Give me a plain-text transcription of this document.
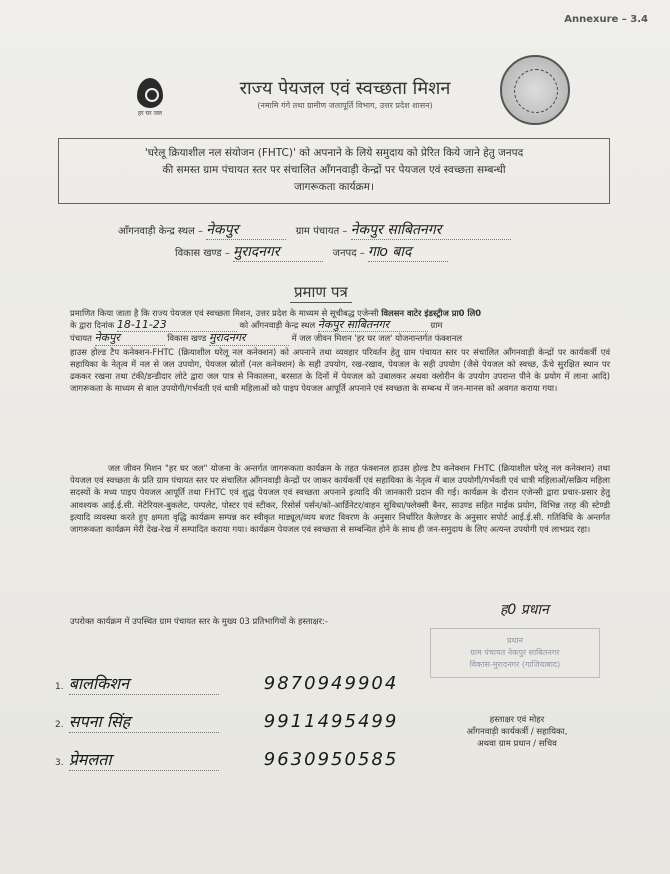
Annexure – 3.4
हर घर जल
राज्य पेयजल एवं स्वच्छता मिशन
(नमामि गंगे तथा ग्रामीण जलापूर्ति विभाग, उत्तर प्रदेश शासन)
'घरेलू क्रियाशील नल संयोजन (FHTC)' को अपनाने के लिये समुदाय को प्रेरित किये जाने हेतु जनपद
की समस्त ग्राम पंचायत स्तर पर संचालित आँगनवाड़ी केन्द्रों पर पेयजल एवं स्वच्छता सम्बन्धी
जागरूकता कार्यक्रम।
आँगनवाड़ी केन्द्र स्थल – नेकपुर	ग्राम पंचायत – नेकपुर साबितनगर
विकास खण्ड – मुरादनगर	जनपद – गाo बाद
प्रमाण पत्र
प्रमाणित किया जाता है कि राज्य पेयजल एवं स्वच्छता मिशन, उत्तर प्रदेश के माध्यम से सूचीबद्ध एजेन्सी विलसन वाटेर इंडस्ट्रीज प्रा0 लि0
के द्वारा दिनांक 18-11-23	को आँगनवाड़ी केन्द्र स्थल नेकपुर साबितनगर	ग्राम
पंचायत नेकपुर	विकास खण्ड मुरादनगर	में जल जीवन मिशन 'हर घर जल' योजनान्तर्गत फंक्शनल
हाउस होल्ड टैप कनेक्शन-FHTC (क्रियाशील घरेलू नल कनेक्शन) को अपनाने तथा व्यवहार परिवर्तन हेतु ग्राम पंचायत स्तर पर संचालित आँगनवाड़ी केन्द्रों पर कार्यकर्त्री एवं सहायिका के नेतृत्व में नल से जल उपयोग, पेयजल स्रोतों (नल कनेक्शन) के सही उपयोग, रख-रखाव, पेयजल के सही उपयोग (जैसे पेयजल को स्वच्छ, ऊँचे सुरक्षित स्थान पर ढककर रखना तथा टंकी/डन्डीदार लोटे द्वारा जल पात्र से निकालना, बरसात के दिनों में पेयजल को उबालकर अथवा क्लोरीन के उपयोग उपरान्त पीने के प्रयोग में लाना आदि) जागरूकता के माध्यम से बाल उपयोगी/गर्भवती एवं धात्री महिलाओं को पाइप पेयजल आपूर्ति अपनाने एवं स्वच्छता के सम्बन्ध में जन-मानस को अवगत कराया गया।
जल जीवन मिशन "हर घर जल" योजना के अन्तर्गत जागरूकता कार्यक्रम के तहत फंक्शनल हाउस होल्ड टैप कनेक्शन FHTC (क्रियाशील घरेलू नल कनेक्शन) तथा पेयजल एवं स्वच्छता के प्रति ग्राम पंचायत स्तर पर संचालित आँगनवाड़ी केन्द्रों पर जाकर कार्यकर्त्री एवं सहायिका के नेतृत्व में बाल उपयोगी/गर्भवती एवं धात्री महिलाओं/सक्रिय महिला सदस्यों के मध्य पाइप पेयजल आपूर्ति तथा FHTC एवं शुद्ध पेयजल एवं स्वच्छता अपनाने इत्यादि की जानकारी प्रदान की गई। कार्यक्रम के दौरान एजेन्सी द्वारा प्रचार-प्रसार हेतु आवश्यक आई.ई.सी. मेटेरियल-बुकलेट, पम्पलेट, पोस्टर एवं स्टीकर, रिसोर्स पर्सन/को-आर्डिनेटर/वाहन सुविधा/फ्लेक्सी बैनर, साउण्ड सहित माईक प्रयोग, विभिन्न तरह की स्टेण्डी इत्यादि व्यवस्था करते हुए क्षमता वृद्धि कार्यक्रम सम्पन्न कर स्वीकृत माड्यूल/व्यय बजट विवरण के अनुसार निर्धारित कैलेण्डर के अनुसार सपोर्ट आई.ई.सी. गतिविधि के अन्तर्गत जागरूकता कार्यक्रम मेरी देख-रेख में सम्पादित कराया गया। कार्यक्रम पेयजल एवं स्वच्छता से सम्बन्धित होने के साथ ही जन-समुदाय के लिए अत्यन्त उपयोगी एवं लाभप्रद रहा।
उपरोक्त कार्यक्रम में उपस्थित ग्राम पंचायत स्तर के मुख्य 03 प्रतिभागियों के हस्ताक्षर:-
ह0 प्रधान
प्रधान
ग्राम पंचायत नेकपुर साबितनगर
विकास-मुरादनगर (गाजियाबाद)
1. बालकिशन	9870949904
2. सपना सिंह	9911495499
3. प्रेमलता	9630950585
हस्ताक्षर एवं मोहर
आँगनवाड़ी कार्यकर्त्री / सहायिका,
अथवा ग्राम प्रधान / सचिव
